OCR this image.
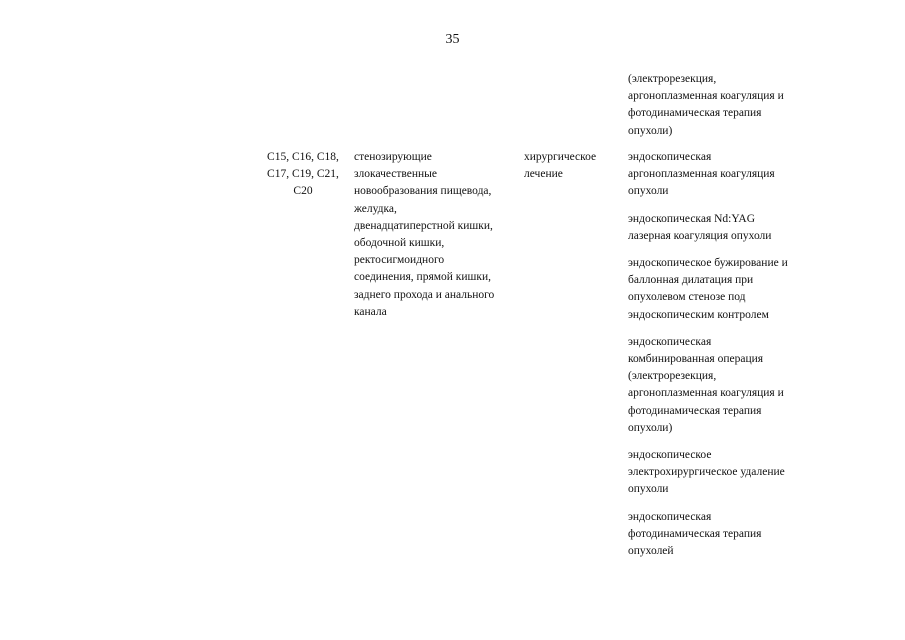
35
(электрорезекция,
аргоноплазменная коагуляция и
фотодинамическая терапия
опухоли)
C15, C16, C18,
C17, C19, C21,
C20
стенозирующие
злокачественные
новообразования пищевода,
желудка,
двенадцатиперстной кишки,
ободочной кишки,
ректосигмоидного
соединения, прямой кишки,
заднего прохода и анального
канала
хирургическое
лечение
эндоскопическая
аргоноплазменная коагуляция
опухоли
эндоскопическая Nd:YAG
лазерная коагуляция опухоли
эндоскопическое бужирование и
баллонная дилатация при
опухолевом стенозе под
эндоскопическим контролем
эндоскопическая
комбинированная операция
(электрорезекция,
аргоноплазменная коагуляция и
фотодинамическая терапия
опухоли)
эндоскопическое
электрохирургическое удаление
опухоли
эндоскопическая
фотодинамическая терапия
опухолей
